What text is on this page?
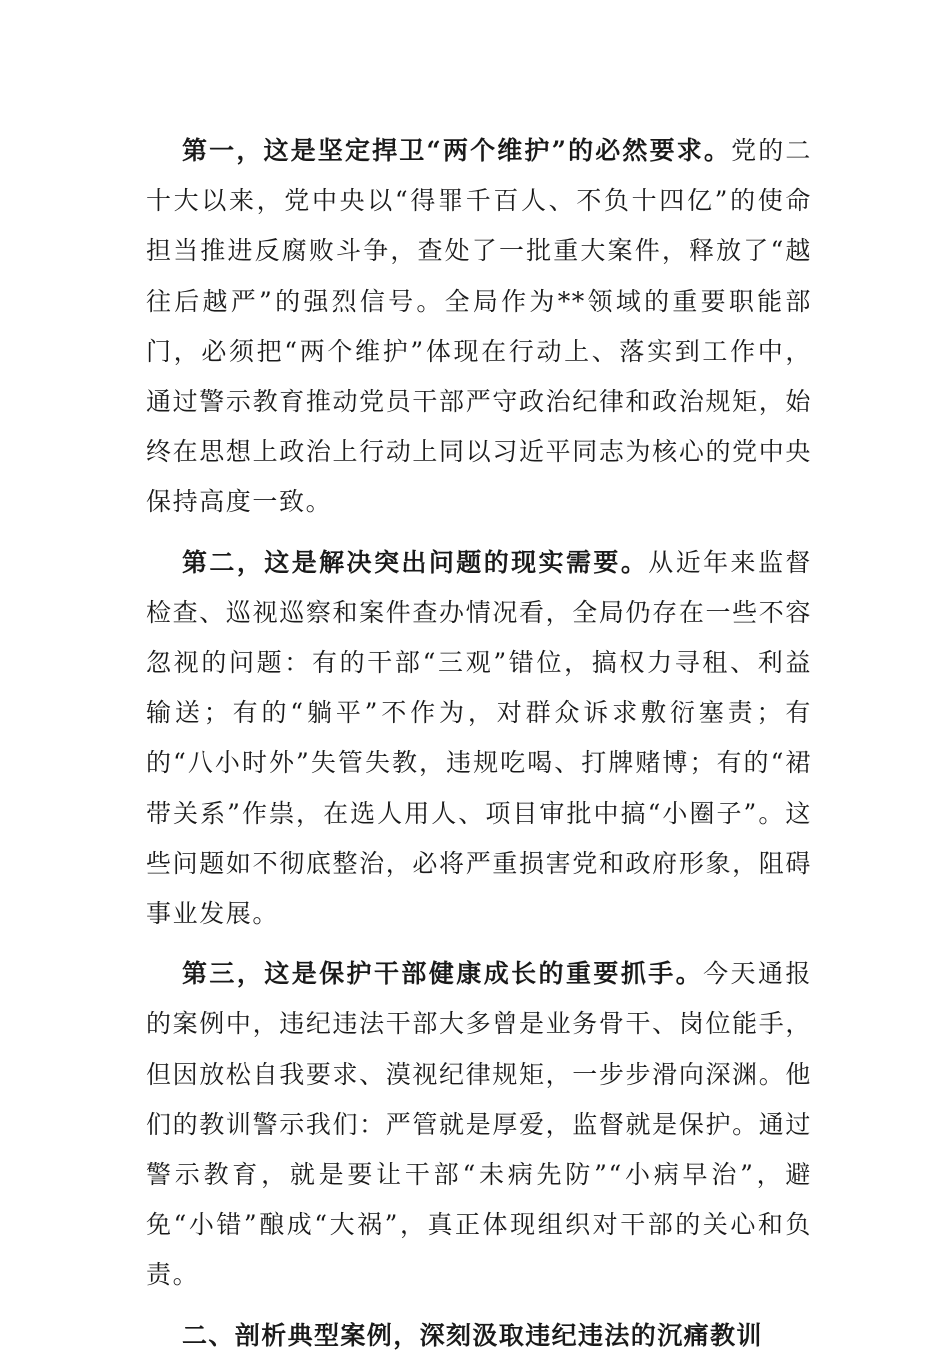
第一，这是坚定捍卫“两个维护”的必然要求。党的二十大以来，党中央以“得罪千百人、不负十四亿”的使命担当推进反腐败斗争，查处了一批重大案件，释放了“越往后越严”的强烈信号。全局作为**领域的重要职能部门，必须把“两个维护”体现在行动上、落实到工作中，通过警示教育推动党员干部严守政治纪律和政治规矩，始终在思想上政治上行动上同以习近平同志为核心的党中央保持高度一致。

第二，这是解决突出问题的现实需要。从近年来监督检查、巡视巡察和案件查办情况看，全局仍存在一些不容忽视的问题：有的干部“三观”错位，搞权力寻租、利益输送；有的“躺平”不作为，对群众诉求敷衍塞责；有的“八小时外”失管失教，违规吃喝、打牌赌博；有的“裙带关系”作祟，在选人用人、项目审批中搞“小圈子”。这些问题如不彻底整治，必将严重损害党和政府形象，阻碍事业发展。

第三，这是保护干部健康成长的重要抓手。今天通报的案例中，违纪违法干部大多曾是业务骨干、岗位能手，但因放松自我要求、漠视纪律规矩，一步步滑向深渊。他们的教训警示我们：严管就是厚爱，监督就是保护。通过警示教育，就是要让干部“未病先防”“小病早治”，避免“小错”酿成“大祸”，真正体现组织对干部的关心和负责。

二、剖析典型案例，深刻汲取违纪违法的沉痛教训
